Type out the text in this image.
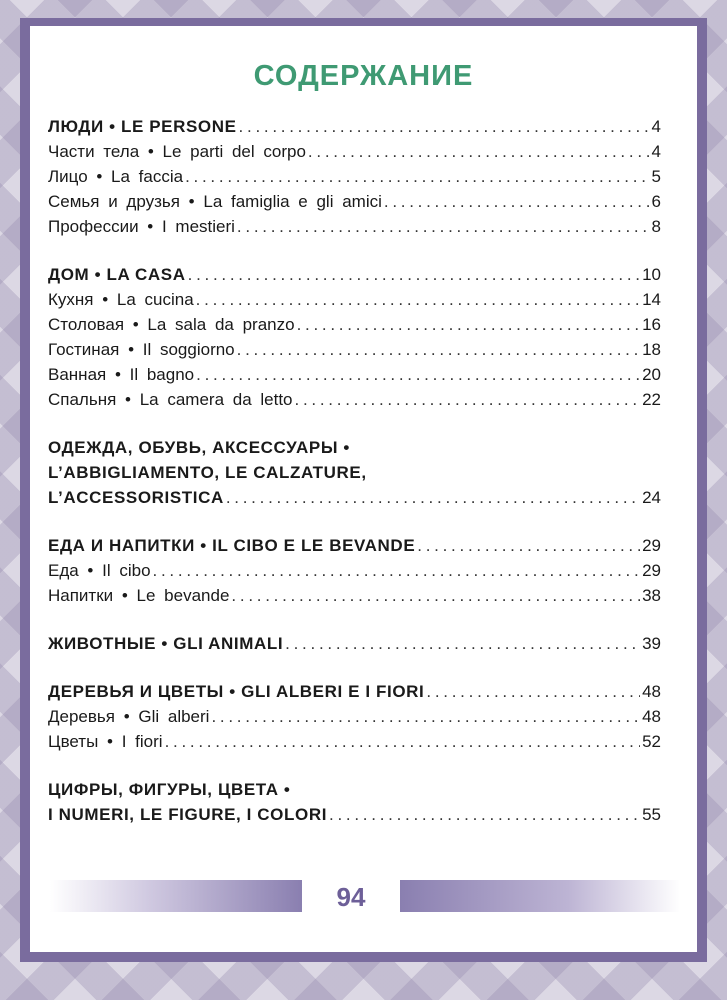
СОДЕРЖАНИЕ
ЛЮДИ • LE PERSONE . . .	4
Части тела • Le parti del corpo . . .	4
Лицо • La faccia . . .	5
Семья и друзья • La famiglia e gli amici . . .	6
Профессии • I mestieri . . .	8
ДОМ • LA CASA . . .	10
Кухня • La cucina . . .	14
Столовая • La sala da pranzo . . .	16
Гостиная • Il soggiorno . . .	18
Ванная • Il bagno . . .	20
Спальня • La camera da letto . . .	22
ОДЕЖДА, ОБУВЬ, АКСЕССУАРЫ •
L’ABBIGLIAMENTO, LE CALZATURE,
L’ACCESSORISTICA . . .	24
ЕДА И НАПИТКИ • IL CIBO E LE BEVANDE . . .	29
Еда • Il cibo . . .	29
Напитки • Le bevande . . .	38
ЖИВОТНЫЕ • GLI ANIMALI . . .	39
ДЕРЕВЬЯ И ЦВЕТЫ • GLI ALBERI E I FIORI . . .	48
Деревья • Gli alberi . . .	48
Цветы • I fiori . . .	52
ЦИФРЫ, ФИГУРЫ, ЦВЕТА •
I NUMERI, LE FIGURE, I COLORI . . .	55
94
